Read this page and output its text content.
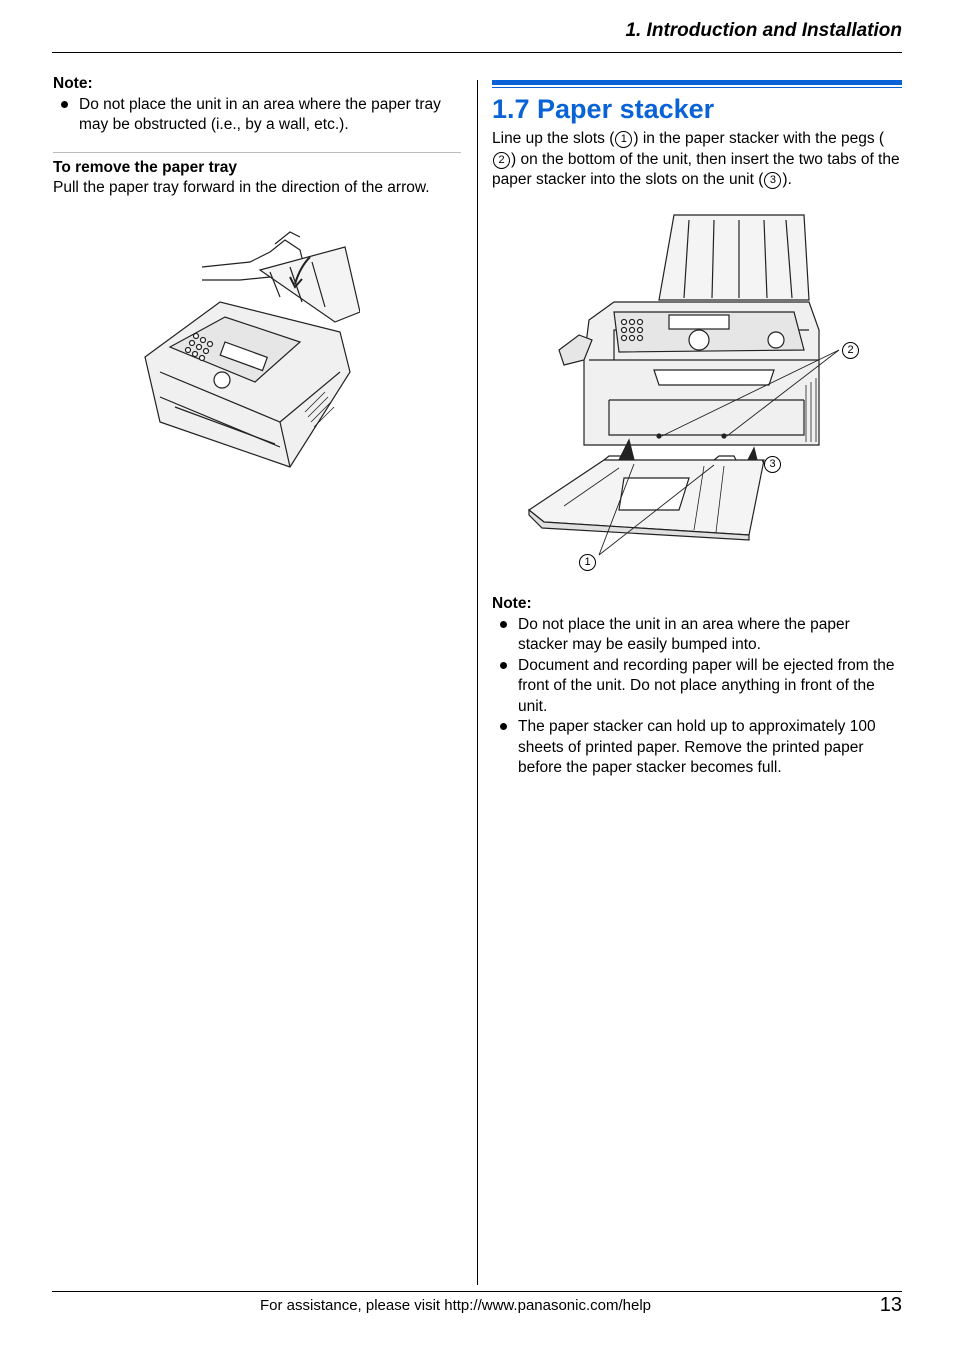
1. Introduction and Installation

Note:

Do not place the unit in an area where the paper tray may be obstructed (i.e., by a wall, etc.).

To remove the paper tray

Pull the paper tray forward in the direction of the arrow.

1.7 Paper stacker

Line up the slots ( 1 ) in the paper stacker with the pegs (2 ) on the bottom of the unit, then insert the two tabs of the paper stacker into the slots on the unit ( 3 ).

2
3
1

Note:

Do not place the unit in an area where the paper stacker may be easily bumped into.
Document and recording paper will be ejected from the front of the unit. Do not place anything in front of the unit.
The paper stacker can hold up to approximately 100 sheets of printed paper. Remove the printed paper before the paper stacker becomes full.
For assistance, please visit http://www.panasonic.com/help	13
